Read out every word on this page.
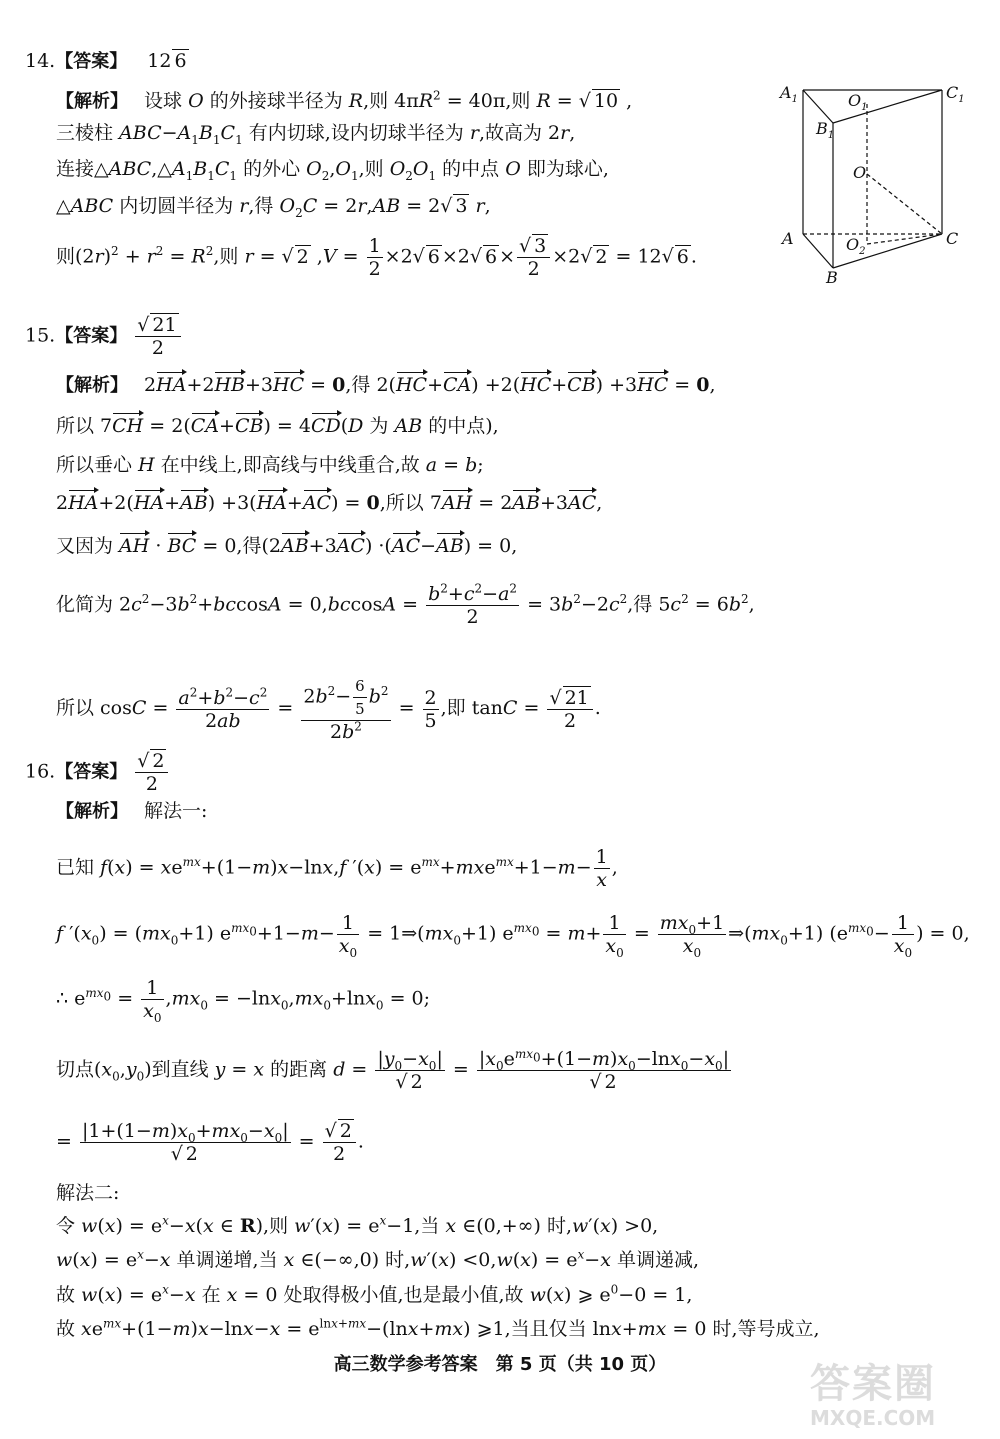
14.【答案】 12 6
【解析】 设球 O 的外接球半径为 R,则 $4\pi R^2 = 40\pi$,则 R = √ 10 ,
三棱柱 $ABC-A_1B_1C_1$ 有内切球,设内切球半径为 r,故高为 2r,
连接$\triangle ABC,\triangle A_1B_1C_1$ 的外心 $O_2,O_1$,则 $O_2O_1$ 的中点 O 即为球心,
△ABC 内切圆半径为 r,得 $O_2C = 2r,AB = 2√$ 3 r,
则$(2r)^2 + r^2 = R^2$,则 r = √ 2 $,V = \frac{1}{2} \times 2√$ 6 ×2√ $6 \times \frac{√ 3}{2} \times 2√$ 2 = 12√ 6 .
$A_1$	$O_1$
$C_1$
$B_1$
O
A	$O_2$
C
B
15.【答案】 $\frac{√ 21}{2}$
【解析】 2HA+2HB+3HC = 0,得 2(HC+CA) +2(HC+CB) +3HC = 0,
所以 7CH = 2(CA+CB) = 4CD(D 为 AB 的中点),
所以垂心 H 在中线上,即高线与中线重合,故 a = b;
2HA+2(HA+AB) +3(HA+AC) = 0,所以 7AH = 2AB+3AC,
又因为 AH · BC = 0,得(2AB+3AC) ·(AC−AB) = 0,
化简为 $2c^2-3b^2+bccosA = 0,bccosA = \frac{b^2+c^2-a^2}{2} = 3b^2-2c^2$,得 $5c^2 = 6b^2$,
所以 $\cos C = \frac{a^2+b^2-c^2}{2ab} = \frac{2b^2- \frac{6}{5} b^2}{2b^2} = \frac{2}{5}$ ,即 $\tan C = \frac{√ 21}{2}$ .
16.【答案】 $\frac{√ 2}{2}$
【解析】 解法一:
已知 $f(x) = xe^{mx}+(1-m)x-\ln x,f$ $'(x) = e^{mx}+mxe^{mx}+1-m- \frac{1}{x}$ ,
f $'(x_0) = (mx_0+1)$ $e^{mx_0}+1-m- \frac{1}{x_0}$ = $1\Rightarrow(mx_0+1) e^{mx_0} = m+ \frac{1}{x_0} = \frac{mx_0+1}{x_0}$ $\Rightarrow(mx_0+1)$ ($e^{mx_0}- \frac{1}{x_0}$ ) = 0,
∴ $e^{mx_0} = \frac{1}{x_0} ,mx_0 = -\ln x_0,mx_0+\ln x_0 = 0$;
切点$(x_0,y_0)$到直线 y = x 的距离 $d = \frac{|y_0-x_0|}{√ 2} = \frac{|x_0e^{mx_0}+(1-m)x_0-\ln x_0-x_0|}{√ 2}$
= $\frac{|1+(1-m)x_0+mx_0-x_0|}{√ 2} = \frac{√ 2}{2}$ .
解法二:
令 $w(x) = e^x-x(x$ ∈ R),则 $w'(x) = e^x-1$,当 x ∈(0,+∞) 时,w′(x) >0,
$w(x) = e^x-x$ 单调递增,当 x ∈(−∞,0) 时$,w'(x) <0,w(x) = e^x-x$ 单调递减,
故 $w(x) = e^x-x$ 在 x = 0 处取得极小值,也是最小值,故 w(x) ⩾ $e^0-0 = 1$,
故 $xe^{mx}+(1-m)x-\ln x-x = e^{lnx+mx}-(\ln x+mx)$ ⩾1,当且仅当 lnx+mx = 0 时,等号成立,
高三数学参考答案　第 5 页（共 10 页）	答案圈
MXQE.COM
